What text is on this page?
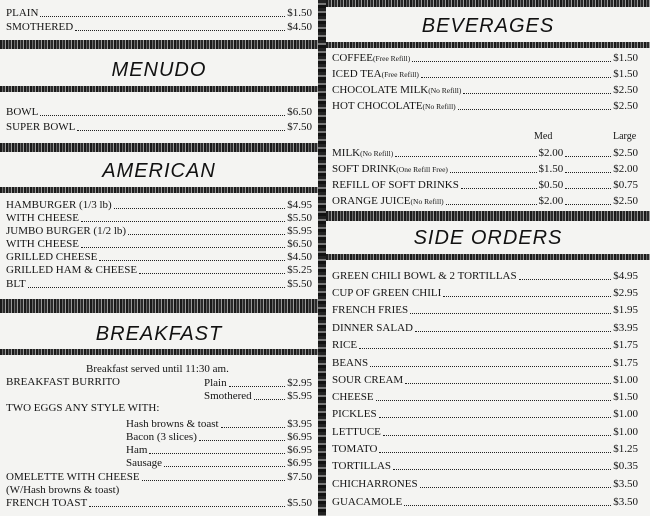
PLAIN	$1.50
SMOTHERED	$4.50
MENUDO
BOWL	$6.50
SUPER BOWL	$7.50
AMERICAN
HAMBURGER (1/3 lb)	$4.95
WITH CHEESE	$5.50
JUMBO BURGER (1/2 lb)	$5.95
WITH CHEESE	$6.50
GRILLED CHEESE	$4.50
GRILLED HAM & CHEESE	$5.25
BLT	$5.50
BREAKFAST
Breakfast served until 11:30 am.
BREAKFAST BURRITO	Plain	$2.95
Smothered	$5.95
TWO EGGS ANY STYLE WITH:
Hash browns & toast	$3.95
Bacon (3 slices)	$6.95
Ham	$6.95
Sausage	$6.95
OMELETTE WITH CHEESE	$7.50
(W/Hash browns & toast)
FRENCH TOAST	$5.50
BEVERAGES
COFFEE (Free Refill)	$1.50
ICED TEA (Free Refill)	$1.50
CHOCOLATE MILK (No Refill)	$2.50
HOT CHOCOLATE (No Refill)	$2.50
Med	Large
MILK (No Refill)	$2.00	$2.50
SOFT DRINK (One Refill Free)	$1.50	$2.00
REFILL OF SOFT DRINKS	$0.50	$0.75
ORANGE JUICE (No Refill)	$2.00	$2.50
SIDE ORDERS
GREEN CHILI BOWL & 2 TORTILLAS	$4.95
CUP OF GREEN CHILI	$2.95
FRENCH FRIES	$1.95
DINNER SALAD	$3.95
RICE	$1.75
BEANS	$1.75
SOUR CREAM	$1.00
CHEESE	$1.50
PICKLES	$1.00
LETTUCE	$1.00
TOMATO	$1.25
TORTILLAS	$0.35
CHICHARRONES	$3.50
GUACAMOLE	$3.50
